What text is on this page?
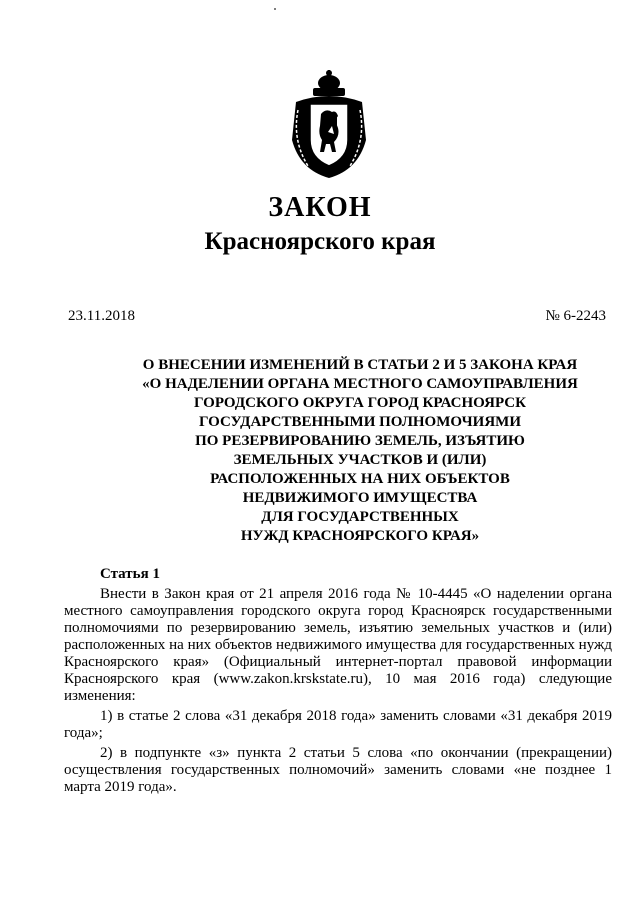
ЗАКОН
Красноярского края
23.11.2018	№ 6-2243
О ВНЕСЕНИИ ИЗМЕНЕНИЙ В СТАТЬИ 2 И 5 ЗАКОНА КРАЯ
«О НАДЕЛЕНИИ ОРГАНА МЕСТНОГО САМОУПРАВЛЕНИЯ
ГОРОДСКОГО ОКРУГА ГОРОД КРАСНОЯРСК
ГОСУДАРСТВЕННЫМИ ПОЛНОМОЧИЯМИ
ПО РЕЗЕРВИРОВАНИЮ ЗЕМЕЛЬ, ИЗЪЯТИЮ
ЗЕМЕЛЬНЫХ УЧАСТКОВ И (ИЛИ)
РАСПОЛОЖЕННЫХ НА НИХ ОБЪЕКТОВ
НЕДВИЖИМОГО ИМУЩЕСТВА
ДЛЯ ГОСУДАРСТВЕННЫХ
НУЖД КРАСНОЯРСКОГО КРАЯ»
Статья 1

Внести в Закон края от 21 апреля 2016 года № 10-4445 «О наделении органа местного самоуправления городского округа город Красноярск государственными полномочиями по резервированию земель, изъятию земельных участков и (или) расположенных на них объектов недвижимого имущества для государственных нужд Красноярского края» (Официальный интернет-портал правовой информации Красноярского края (www.zakon.krskstate.ru), 10 мая 2016 года) следующие изменения:

1) в статье 2 слова «31 декабря 2018 года» заменить словами «31 декабря 2019 года»;

2) в подпункте «з» пункта 2 статьи 5 слова «по окончании (прекращении) осуществления государственных полномочий» заменить словами «не позднее 1 марта 2019 года».
